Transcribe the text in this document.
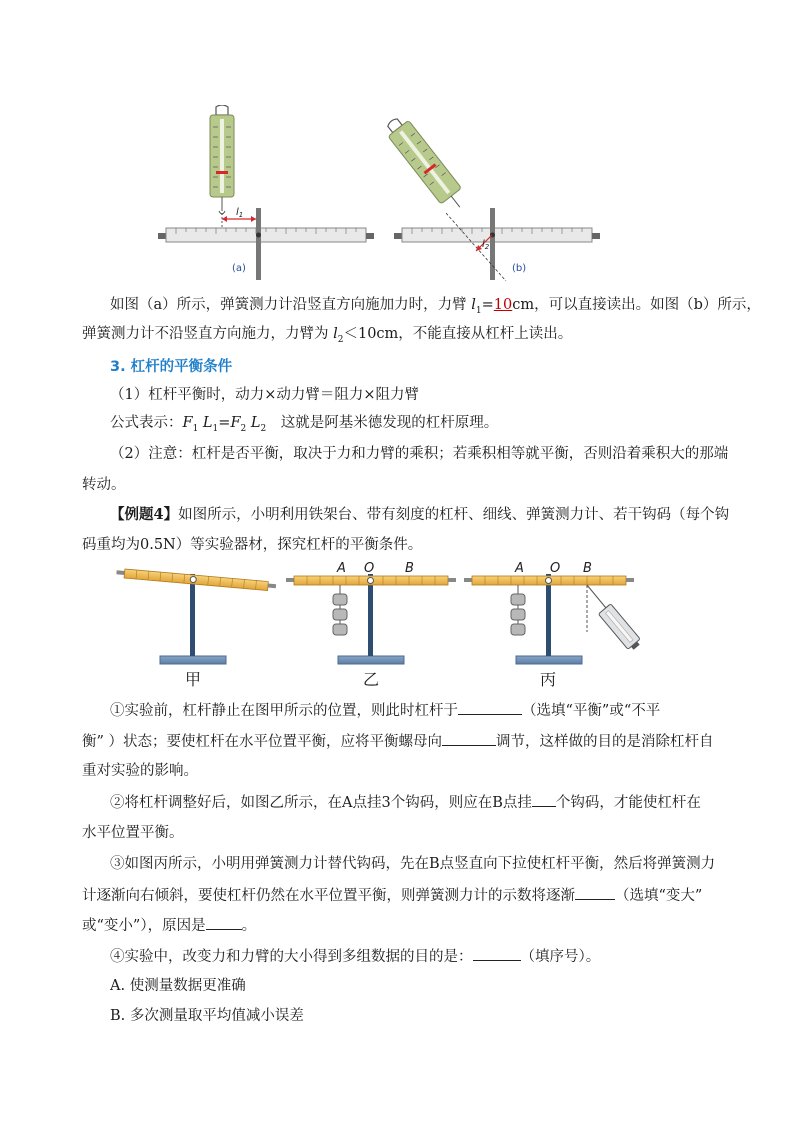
$l_1$
(a)
$l_2$
(b)
如图（a）所示，弹簧测力计沿竖直方向施加力时，力臂 $l_1=10cm$，可以直接读出。如图（b）所示，
弹簧测力计不沿竖直方向施力，力臂为 $l_2<10cm$，不能直接从杠杆上读出。
3. 杠杆的平衡条件
（1）杠杆平衡时，动力×动力臂＝阻力×阻力臂
公式表示：$F_1$ $L_1=F_2$ $L_2$　这就是阿基米德发现的杠杆原理。
（2）注意：杠杆是否平衡，取决于力和力臂的乘积；若乘积相等就平衡，否则沿着乘积大的那端
转动。
【例题4】如图所示，小明利用铁架台、带有刻度的杠杆、细线、弹簧测力计、若干钩码（每个钩
码重均为0.5N）等实验器材，探究杠杆的平衡条件。
A O B	A O B
甲	乙	丙
①实验前，杠杆静止在图甲所示的位置，则此时杠杆于	（选填“平衡”或“不平
衡” ）状态；要使杠杆在水平位置平衡，应将平衡螺母向	调节，这样做的目的是消除杠杆自
重对实验的影响。
②将杠杆调整好后，如图乙所示，在A点挂3个钩码，则应在B点挂 个钩码，才能使杠杆在
水平位置平衡。
③如图丙所示，小明用弹簧测力计替代钩码，先在B点竖直向下拉使杠杆平衡，然后将弹簧测力
计逐渐向右倾斜，要使杠杆仍然在水平位置平衡，则弹簧测力计的示数将逐渐	（选填“变大”
或“变小”），原因是 。
④实验中，改变力和力臂的大小得到多组数据的目的是：	（填序号）。
A. 使测量数据更准确
B. 多次测量取平均值减小误差
